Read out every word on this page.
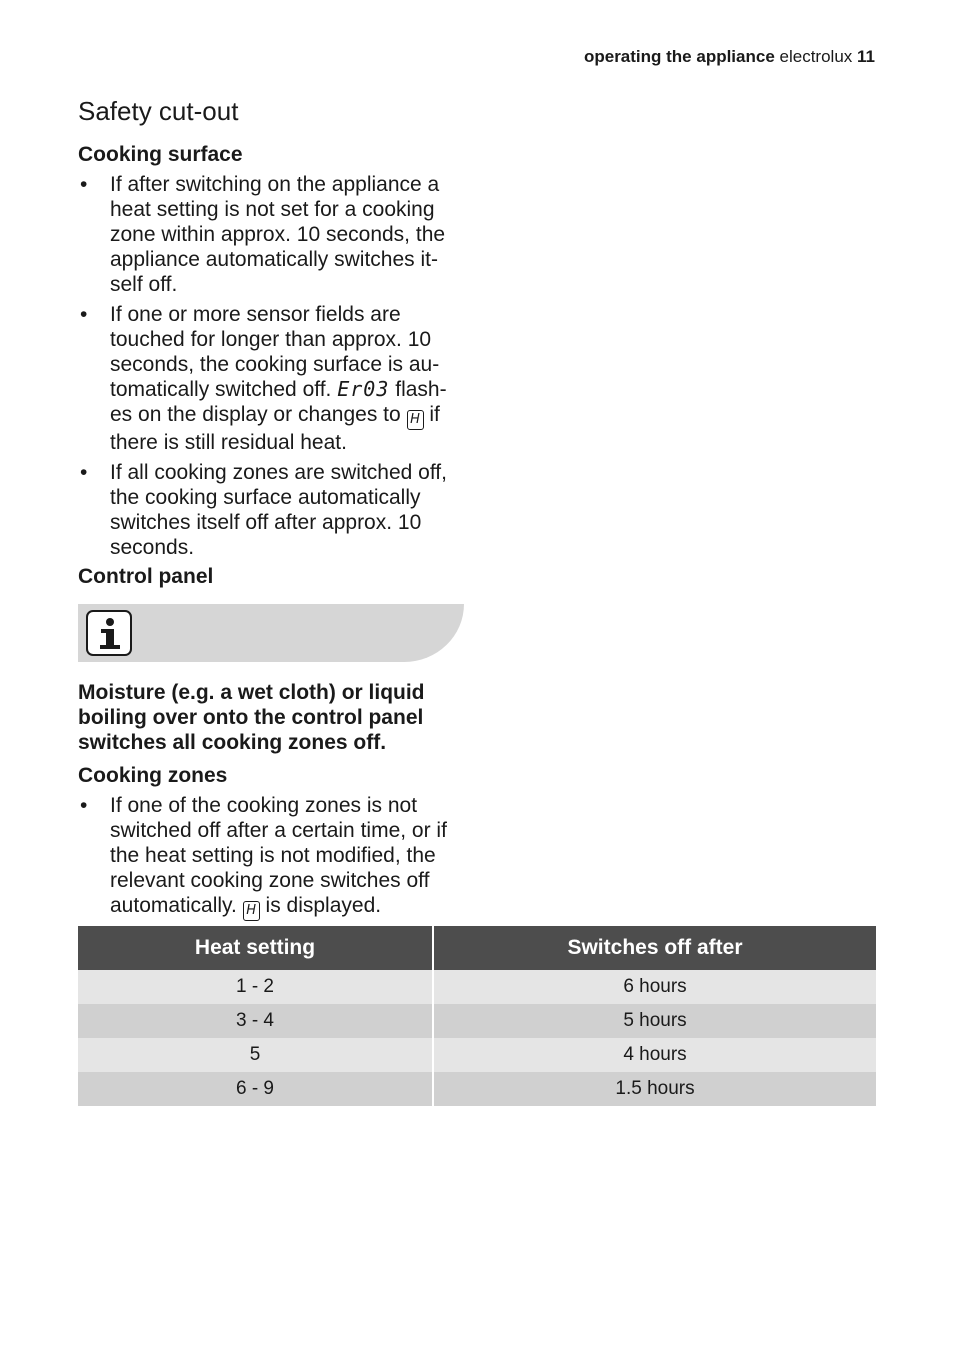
operating the appliance electrolux 11
Safety cut-out
Cooking surface
• If after switching on the appliance a heat setting is not set for a cooking zone within approx. 10 seconds, the appliance automatically switches it-self off.
• If one or more sensor fields are touched for longer than approx. 10 seconds, the cooking surface is au-tomatically switched off. Er03 flash-es on the display or changes to H if there is still residual heat.
• If all cooking zones are switched off, the cooking surface automatically switches itself off after approx. 10 seconds.
Control panel

Moisture (e.g. a wet cloth) or liquid boiling over onto the control panel switches all cooking zones off.

Cooking zones
• If one of the cooking zones is not switched off after a certain time, or if the heat setting is not modified, the relevant cooking zone switches off automatically. H is displayed.
Heat setting	Switches off after
1 - 2	6 hours
3 - 4	5 hours
5	4 hours
6 - 9	1.5 hours
